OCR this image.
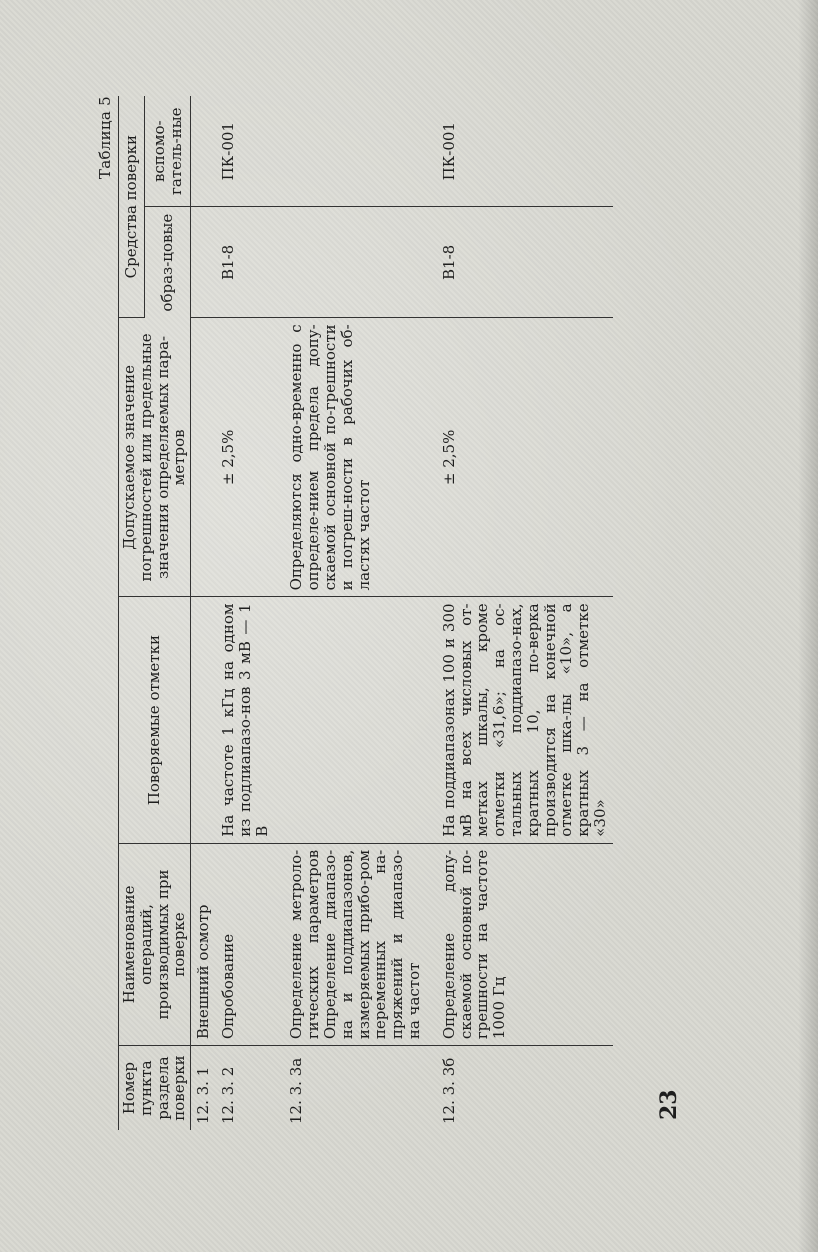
Таблица 5
Номер пункта раздела поверки	Наименование операций, производимых при поверке	Поверяемые отметки	Допускаемое значение погрешностей или предельные значения определяемых пара-метров	Средства поверки	
				образ-цовые	вспомо-гатель-ные
12. 3. 1	Внешний осмотр				
12. 3. 2	Опробование	На частоте 1 кГц на одном из подлиапазо-нов 3 мВ — 1 В	± 2,5%	В1-8	ПК-001
12. 3. 3а	Определение метроло-гических параметров Определение диапазо-на и поддиапазонов, измеряемых прибо-ром переменных на-пряжений и диапазо-на частот		Определяются одно-временно с определе-нием предела допу-скаемой основной по-грешности и погреш-ности в рабочих об-ластях частот		
12. 3. 3б	Определение допу-скаемой основной по-грешности на частоте 1000 Гц	На поддиапазонах 100 и 300 мВ на всех числовых от-метках шкалы, кроме отметки «31,6»; на ос-тальных поддиапазо-нах, кратных 10, по-верка производится на конечной отметке шка-лы «10», а кратных 3 — на отметке «30»	± 2,5%	В1-8	ПК-001
23
